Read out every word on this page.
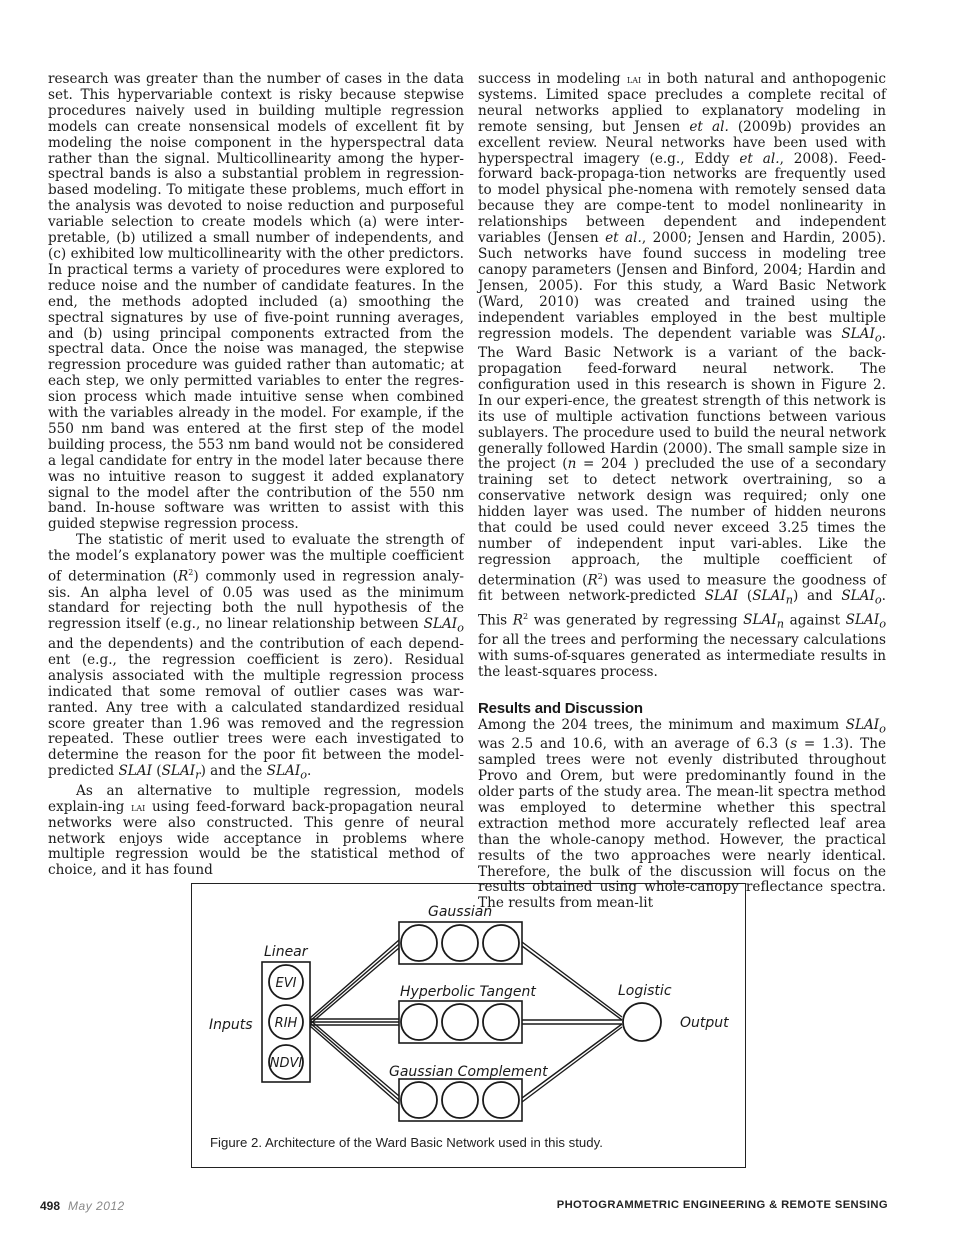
research was greater than the number of cases in the data set. This hypervariable context is risky because stepwise procedures naively used in building multiple regression models can create nonsensical models of excellent fit by modeling the noise component in the hyperspectral data rather than the signal. Multicollinearity among the hyper-spectral bands is also a substantial problem in regression-based modeling. To mitigate these problems, much effort in the analysis was devoted to noise reduction and purposeful variable selection to create models which (a) were inter-pretable, (b) utilized a small number of independents, and (c) exhibited low multicollinearity with the other predictors. In practical terms a variety of procedures were explored to reduce noise and the number of candidate features. In the end, the methods adopted included (a) smoothing the spectral signatures by use of five-point running averages, and (b) using principal components extracted from the spectral data. Once the noise was managed, the stepwise regression procedure was guided rather than automatic; at each step, we only permitted variables to enter the regres-sion process which made intuitive sense when combined with the variables already in the model. For example, if the 550 nm band was entered at the first step of the model building process, the 553 nm band would not be considered a legal candidate for entry in the model later because there was no intuitive reason to suggest it added explanatory signal to the model after the contribution of the 550 nm band. In-house software was written to assist with this guided stepwise regression process.

The statistic of merit used to evaluate the strength of the model’s explanatory power was the multiple coefficient of determination $(R^2)$ commonly used in regression analy-sis. An alpha level of 0.05 was used as the minimum standard for rejecting both the null hypothesis of the regression itself (e.g., no linear relationship between $SLAI_o$ and the dependents) and the contribution of each depend-ent (e.g., the regression coefficient is zero). Residual analysis associated with the multiple regression process indicated that some removal of outlier cases was war-ranted. Any tree with a calculated standardized residual score greater than 1.96 was removed and the regression repeated. These outlier trees were each investigated to determine the reason for the poor fit between the model-predicted SLAI $(SLAI_r)$ and the $SLAI_o$.

As an alternative to multiple regression, models explain-ing lai using feed-forward back-propagation neural networks were also constructed. This genre of neural network enjoys wide acceptance in problems where multiple regression would be the statistical method of choice, and it has found

success in modeling lai in both natural and anthopogenic systems. Limited space precludes a complete recital of neural networks applied to explanatory modeling in remote sensing, but Jensen et al. (2009b) provides an excellent review. Neural networks have been used with hyperspectral imagery (e.g., Eddy et al., 2008). Feed-forward back-propaga-tion networks are frequently used to model physical phe-nomena with remotely sensed data because they are compe-tent to model nonlinearity in relationships between dependent and independent variables (Jensen et al., 2000; Jensen and Hardin, 2005). Such networks have found success in modeling tree canopy parameters (Jensen and Binford, 2004; Hardin and Jensen, 2005). For this study, a Ward Basic Network (Ward, 2010) was created and trained using the independent variables employed in the best multiple regression models. The dependent variable was $SLAI_o$. The Ward Basic Network is a variant of the back-propagation feed-forward neural network. The configuration used in this research is shown in Figure 2. In our experi-ence, the greatest strength of this network is its use of multiple activation functions between various sublayers. The procedure used to build the neural network generally followed Hardin (2000). The small sample size in the project (n = 204 ) precluded the use of a secondary training set to detect network overtraining, so a conservative network design was required; only one hidden layer was used. The number of hidden neurons that could be used could never exceed 3.25 times the number of independent input vari-ables. Like the regression approach, the multiple coefficient of determination $(R^2)$ was used to measure the goodness of fit between network-predicted SLAI $(SLAI_n)$ and $SLAI_o$. This $R^2$ was generated by regressing $SLAI_n$ against $SLAI_o$ for all the trees and performing the necessary calculations with sums-of-squares generated as intermediate results in the least-squares process.

Results and Discussion

Among the 204 trees, the minimum and maximum $SLAI_o$ was 2.5 and 10.6, with an average of 6.3 (s = 1.3). The sampled trees were not evenly distributed throughout Provo and Orem, but were predominantly found in the older parts of the study area. The mean-lit spectra method was employed to determine whether this spectral extraction method more accurately reflected leaf area than the whole-canopy method. However, the practical results of the two approaches were nearly identical. Therefore, the bulk of the discussion will focus on the results obtained using whole-canopy reflectance spectra. The results from mean-lit

EVI
RIH
NDVI
Gaussian
Linear
Inputs
Hyperbolic Tangent
Gaussian Complement
Logistic
Output
Figure 2. Architecture of the Ward Basic Network used in this study.
498 May 2012	PHOTOGRAMMETRIC ENGINEERING & REMOTE SENSING
